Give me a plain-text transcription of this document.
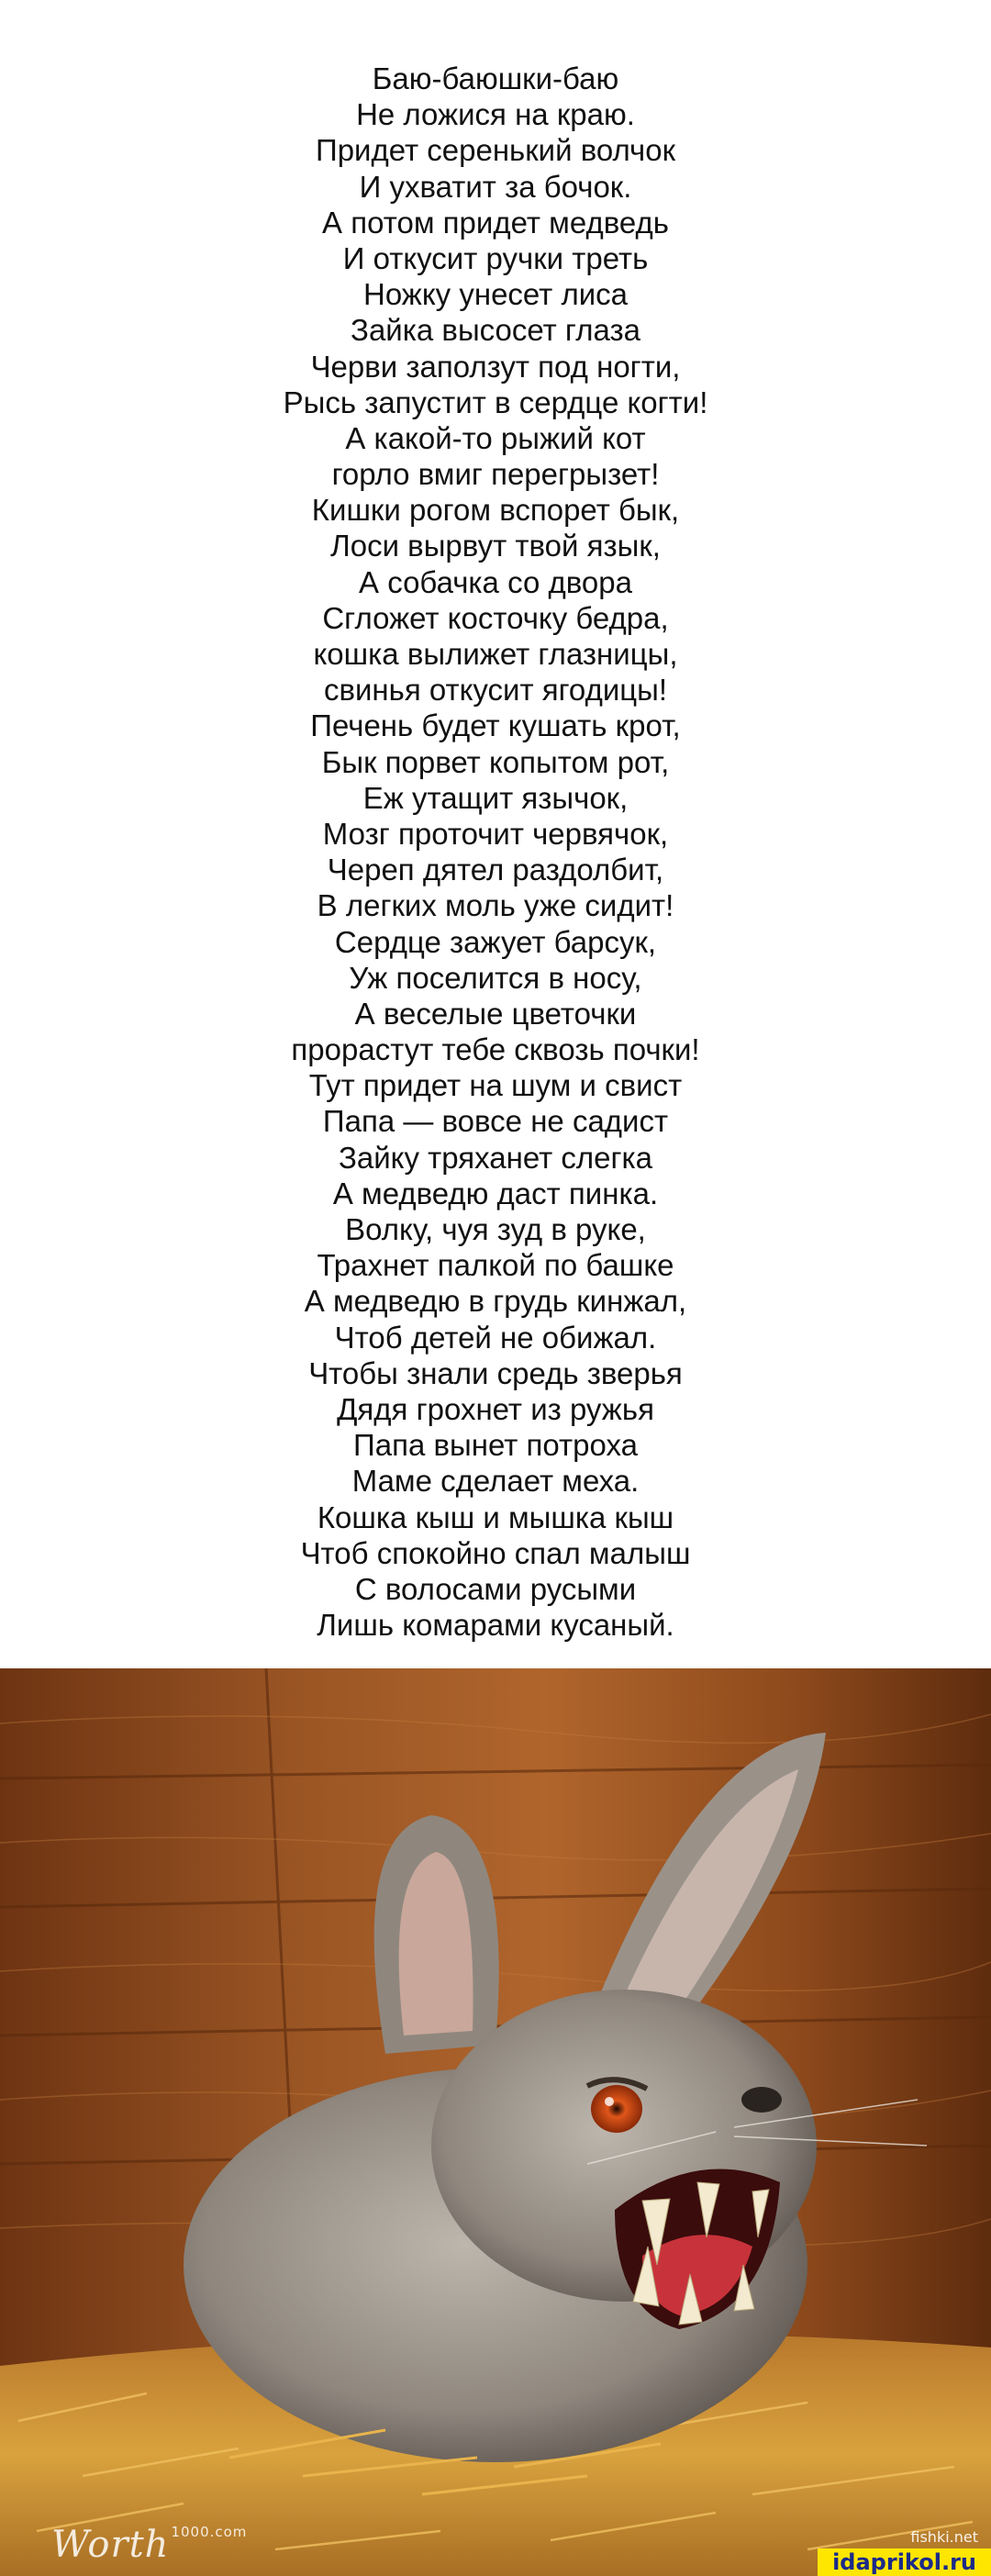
Баю-баюшки-баю
Не ложися на краю.
Придет серенький волчок
И ухватит за бочок.
А потом придет медведь
И откусит ручки треть
Ножку унесет лиса
Зайка высосет глаза
Черви заползут под ногти,
Рысь запустит в сердце когти!
А какой-то рыжий кот
горло вмиг перегрызет!
Кишки рогом вспорет бык,
Лоси вырвут твой язык,
А собачка со двора
Сгложет косточку бедра,
кошка вылижет глазницы,
свинья откусит ягодицы!
Печень будет кушать крот,
Бык порвет копытом рот,
Еж утащит язычок,
Мозг проточит червячок,
Череп дятел раздолбит,
В легких моль уже сидит!
Сердце зажует барсук,
Уж поселится в носу,
А веселые цветочки
прорастут тебе сквозь почки!
Тут придет на шум и свист
Папа — вовсе не садист
Зайку тряханет слегка
А медведю даст пинка.
Волку, чуя зуд в руке,
Трахнет палкой по башке
А медведю в грудь кинжал,
Чтоб детей не обижал.
Чтобы знали средь зверья
Дядя грохнет из ружья
Папа вынет потроха
Маме сделает меха.
Кошка кыш и мышка кыш
Чтоб спокойно спал малыш
С волосами русыми
Лишь комарами кусаный.
Worth $^{1000.com}$	fishki.net
idaprikol.ru
